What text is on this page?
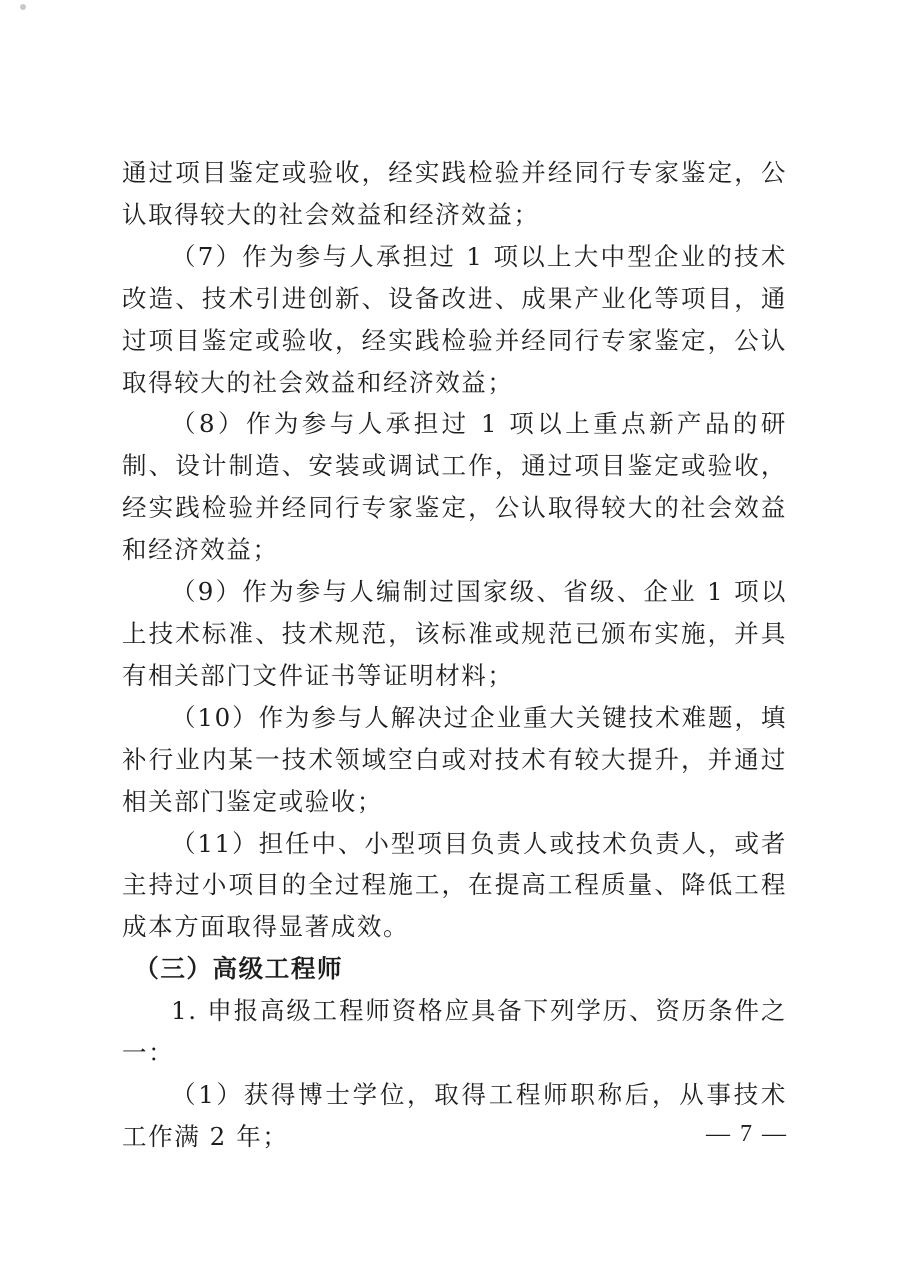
通过项目鉴定或验收，经实践检验并经同行专家鉴定，公认取得较大的社会效益和经济效益；

（7）作为参与人承担过 1 项以上大中型企业的技术改造、技术引进创新、设备改进、成果产业化等项目，通过项目鉴定或验收，经实践检验并经同行专家鉴定，公认取得较大的社会效益和经济效益；

（8）作为参与人承担过 1 项以上重点新产品的研制、设计制造、安装或调试工作，通过项目鉴定或验收，经实践检验并经同行专家鉴定，公认取得较大的社会效益和经济效益；

（9）作为参与人编制过国家级、省级、企业 1 项以上技术标准、技术规范，该标准或规范已颁布实施，并具有相关部门文件证书等证明材料；

（10）作为参与人解决过企业重大关键技术难题，填补行业内某一技术领域空白或对技术有较大提升，并通过相关部门鉴定或验收；

（11）担任中、小型项目负责人或技术负责人，或者主持过小项目的全过程施工，在提高工程质量、降低工程成本方面取得显著成效。

（三）高级工程师

1. 申报高级工程师资格应具备下列学历、资历条件之一：

（1）获得博士学位，取得工程师职称后，从事技术工作满 2 年；	— 7 —
